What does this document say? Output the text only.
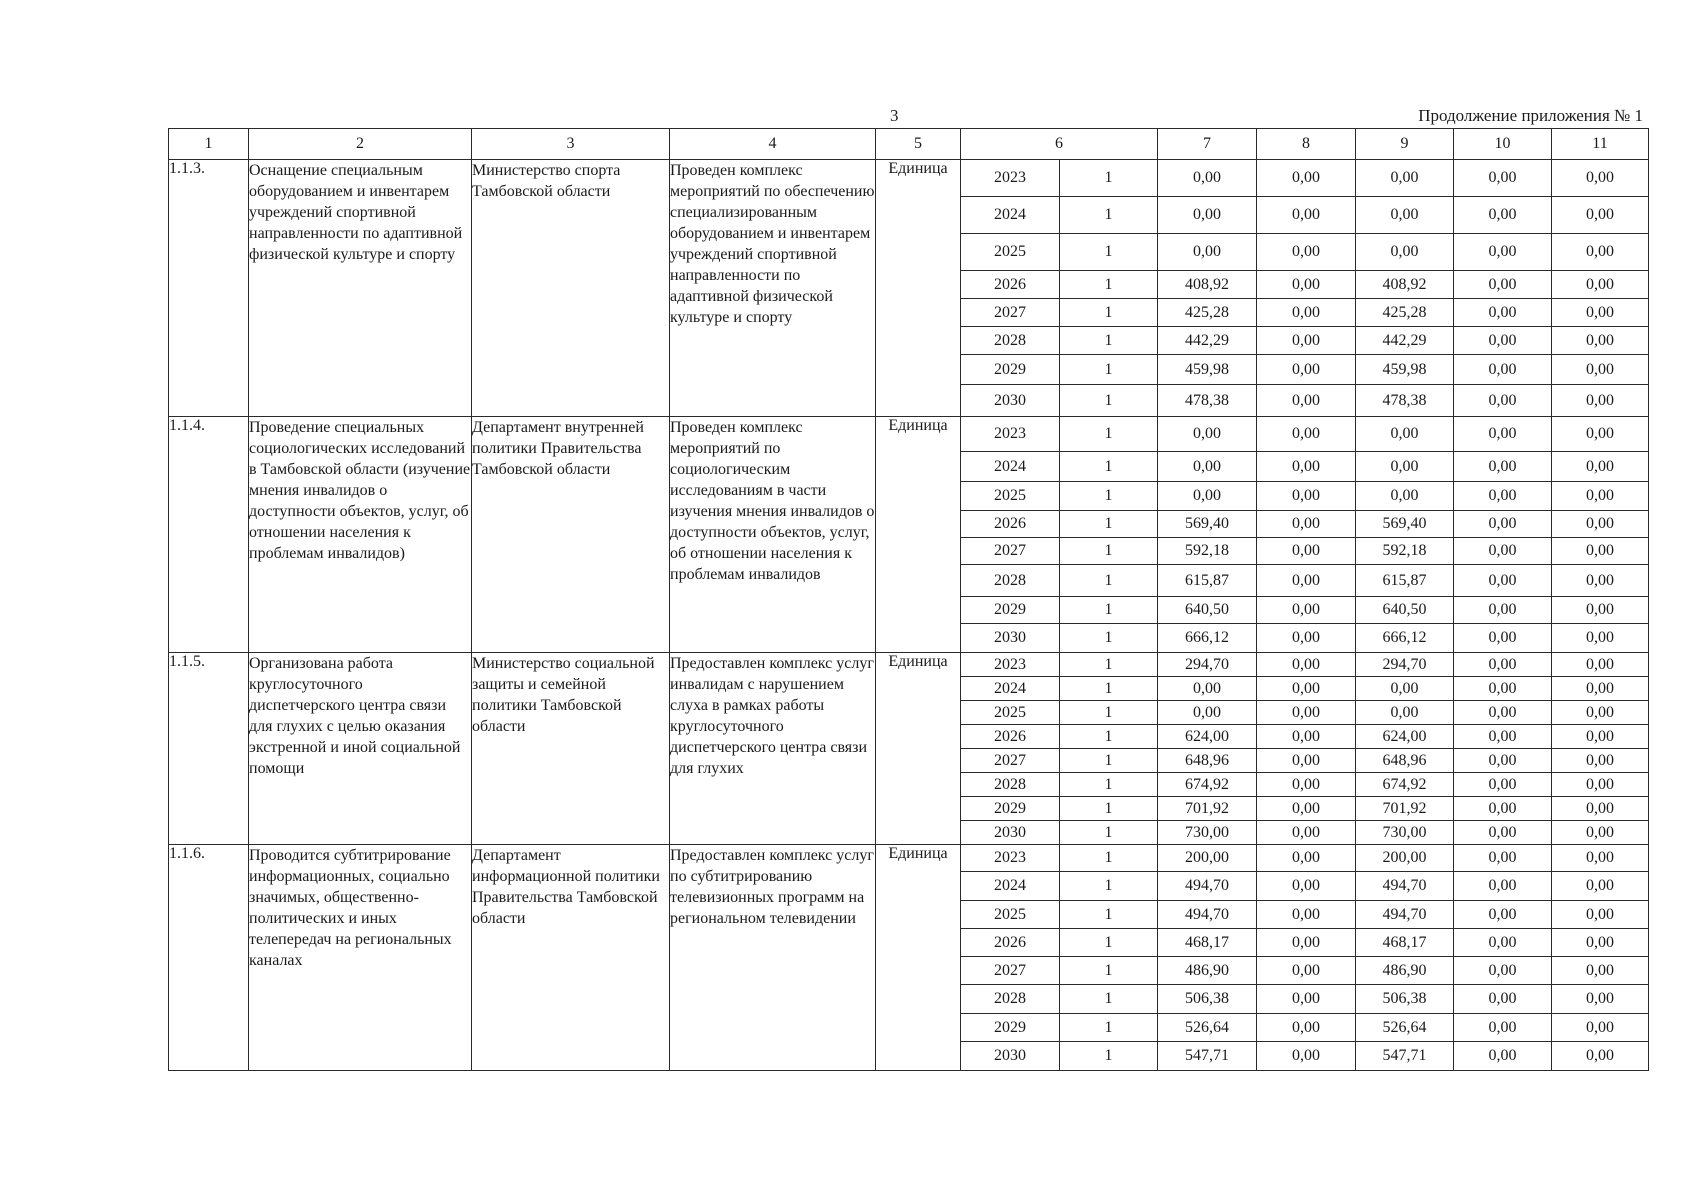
3	Продолжение приложения № 1
1	2	3	4	5	6		7	8	9	10	11
1.1.3.	Оснащение специальным оборудованием и инвентарем учреждений спортивной направленности по адаптивной физической культуре и спорту	Министерство спорта Тамбовской области	Проведен комплекс мероприятий по обеспечению специализированным оборудованием и инвентарем учреждений спортивной направленности по адаптивной физической культуре и спорту	Единица	2023	1	0,00	0,00	0,00	0,00	0,00
					2024	1	0,00	0,00	0,00	0,00	0,00
					2025	1	0,00	0,00	0,00	0,00	0,00
					2026	1	408,92	0,00	408,92	0,00	0,00
					2027	1	425,28	0,00	425,28	0,00	0,00
					2028	1	442,29	0,00	442,29	0,00	0,00
					2029	1	459,98	0,00	459,98	0,00	0,00
					2030	1	478,38	0,00	478,38	0,00	0,00
1.1.4.	Проведение специальных социологических исследований в Тамбовской области (изучение мнения инвалидов о доступности объектов, услуг, об отношении населения к проблемам инвалидов)	Департамент внутренней политики Правительства Тамбовской области	Проведен комплекс мероприятий по социологическим исследованиям в части изучения мнения инвалидов о доступности объектов, услуг, об отношении населения к проблемам инвалидов	Единица	2023	1	0,00	0,00	0,00	0,00	0,00
					2024	1	0,00	0,00	0,00	0,00	0,00
					2025	1	0,00	0,00	0,00	0,00	0,00
					2026	1	569,40	0,00	569,40	0,00	0,00
					2027	1	592,18	0,00	592,18	0,00	0,00
					2028	1	615,87	0,00	615,87	0,00	0,00
					2029	1	640,50	0,00	640,50	0,00	0,00
					2030	1	666,12	0,00	666,12	0,00	0,00
1.1.5.	Организована работа круглосуточного диспетчерского центра связи для глухих с целью оказания экстренной и иной социальной помощи	Министерство социальной защиты и семейной политики Тамбовской области	Предоставлен комплекс услуг инвалидам с нарушением слуха в рамках работы круглосуточного диспетчерского центра связи для глухих	Единица	2023	1	294,70	0,00	294,70	0,00	0,00
					2024	1	0,00	0,00	0,00	0,00	0,00
					2025	1	0,00	0,00	0,00	0,00	0,00
					2026	1	624,00	0,00	624,00	0,00	0,00
					2027	1	648,96	0,00	648,96	0,00	0,00
					2028	1	674,92	0,00	674,92	0,00	0,00
					2029	1	701,92	0,00	701,92	0,00	0,00
					2030	1	730,00	0,00	730,00	0,00	0,00
1.1.6.	Проводится субтитрирование информационных, социально значимых, общественно-политических и иных телепередач на региональных каналах	Департамент информационной политики Правительства Тамбовской области	Предоставлен комплекс услуг по субтитрированию телевизионных программ на региональном телевидении	Единица	2023	1	200,00	0,00	200,00	0,00	0,00
					2024	1	494,70	0,00	494,70	0,00	0,00
					2025	1	494,70	0,00	494,70	0,00	0,00
					2026	1	468,17	0,00	468,17	0,00	0,00
					2027	1	486,90	0,00	486,90	0,00	0,00
					2028	1	506,38	0,00	506,38	0,00	0,00
					2029	1	526,64	0,00	526,64	0,00	0,00
					2030	1	547,71	0,00	547,71	0,00	0,00
